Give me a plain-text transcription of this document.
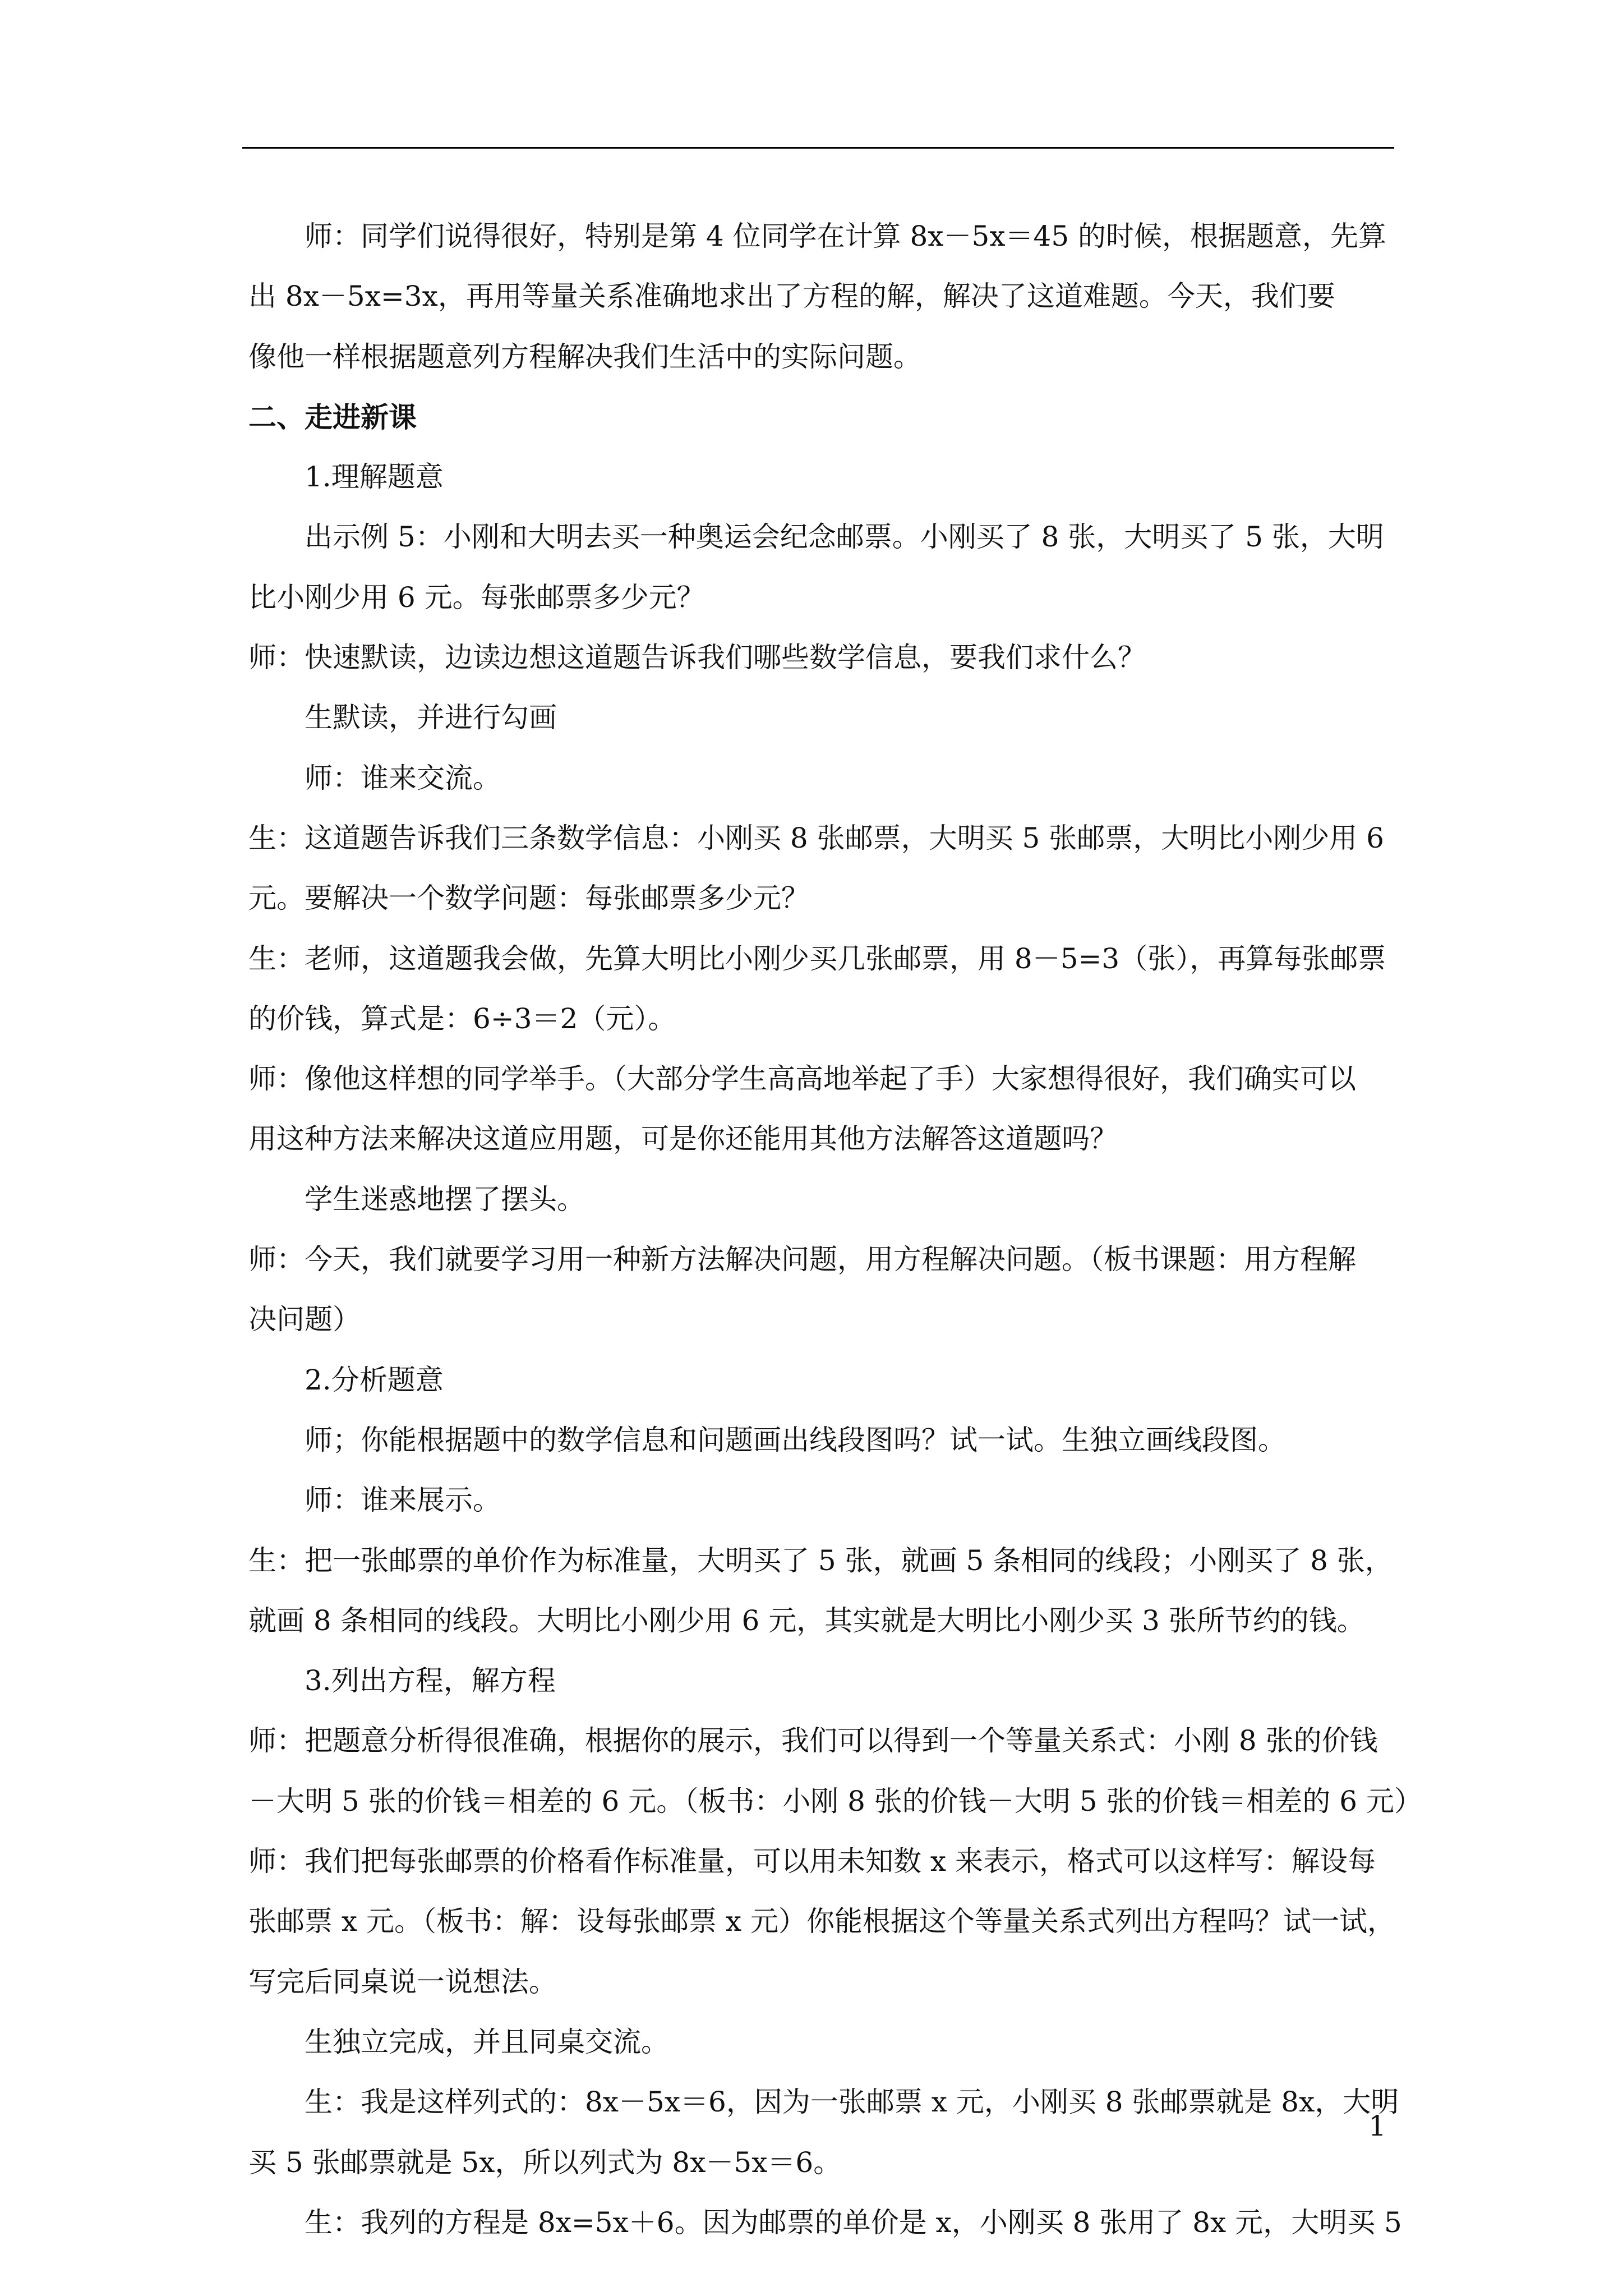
师：同学们说得很好，特别是第 4 位同学在计算 8x－5x＝45 的时候，根据题意，先算
出 8x－5x=3x，再用等量关系准确地求出了方程的解，解决了这道难题。今天，我们要
像他一样根据题意列方程解决我们生活中的实际问题。
二、走进新课
1.理解题意
出示例 5：小刚和大明去买一种奥运会纪念邮票。小刚买了 8 张，大明买了 5 张，大明
比小刚少用 6 元。每张邮票多少元？
师：快速默读，边读边想这道题告诉我们哪些数学信息，要我们求什么？
生默读，并进行勾画
师：谁来交流。
生：这道题告诉我们三条数学信息：小刚买 8 张邮票，大明买 5 张邮票，大明比小刚少用 6
元。要解决一个数学问题：每张邮票多少元？
生：老师，这道题我会做，先算大明比小刚少买几张邮票，用 8－5=3（张），再算每张邮票
的价钱，算式是：6÷3＝2（元）。
师：像他这样想的同学举手。（大部分学生高高地举起了手）大家想得很好，我们确实可以
用这种方法来解决这道应用题，可是你还能用其他方法解答这道题吗？
学生迷惑地摆了摆头。
师：今天，我们就要学习用一种新方法解决问题，用方程解决问题。（板书课题：用方程解
决问题）
2.分析题意
师；你能根据题中的数学信息和问题画出线段图吗？试一试。生独立画线段图。
师：谁来展示。
生：把一张邮票的单价作为标准量，大明买了 5 张，就画 5 条相同的线段；小刚买了 8 张，
就画 8 条相同的线段。大明比小刚少用 6 元，其实就是大明比小刚少买 3 张所节约的钱。
3.列出方程，解方程
师：把题意分析得很准确，根据你的展示，我们可以得到一个等量关系式：小刚 8 张的价钱
－大明 5 张的价钱＝相差的 6 元。（板书：小刚 8 张的价钱－大明 5 张的价钱＝相差的 6 元）
师：我们把每张邮票的价格看作标准量，可以用未知数 x 来表示，格式可以这样写：解设每
张邮票 x 元。（板书：解：设每张邮票 x 元）你能根据这个等量关系式列出方程吗？试一试，
写完后同桌说一说想法。
生独立完成，并且同桌交流。
生：我是这样列式的：8x－5x＝6，因为一张邮票 x 元，小刚买 8 张邮票就是 8x，大明
买 5 张邮票就是 5x，所以列式为 8x－5x＝6。
生：我列的方程是 8x=5x＋6。因为邮票的单价是 x，小刚买 8 张用了 8x 元，大明买 5
1
